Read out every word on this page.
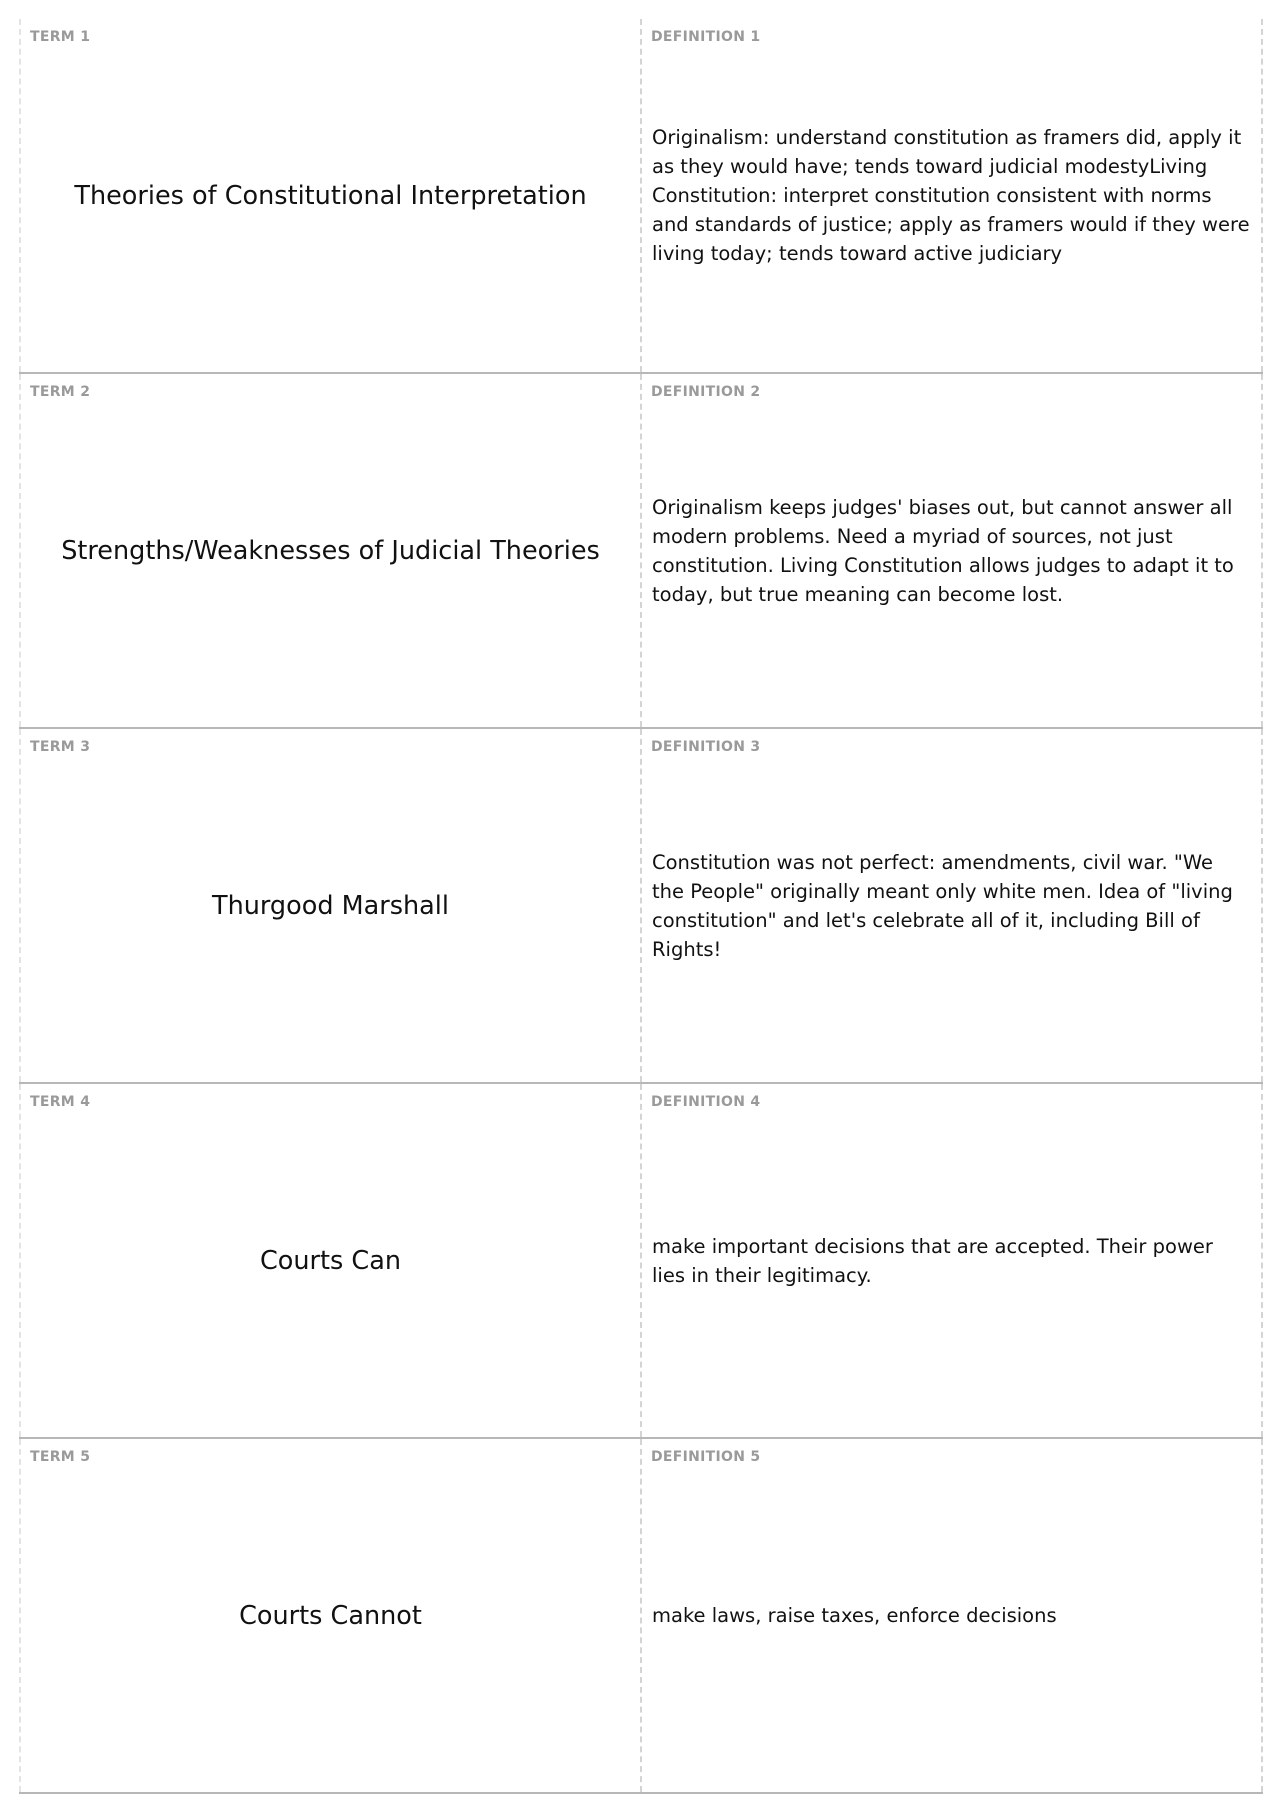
TERM 1
Theories of Constitutional Interpretation
DEFINITION 1
Originalism: understand constitution as framers did, apply it as they would have; tends toward judicial modestyLiving Constitution: interpret constitution consistent with norms and standards of justice; apply as framers would if they were living today; tends toward active judiciary
TERM 2
Strengths/Weaknesses of Judicial Theories
DEFINITION 2
Originalism keeps judges' biases out, but cannot answer all modern problems. Need a myriad of sources, not just constitution. Living Constitution allows judges to adapt it to today, but true meaning can become lost.
TERM 3
Thurgood Marshall
DEFINITION 3
Constitution was not perfect: amendments, civil war. "We the People" originally meant only white men. Idea of "living constitution" and let's celebrate all of it, including Bill of Rights!
TERM 4
Courts Can
DEFINITION 4
make important decisions that are accepted. Their power lies in their legitimacy.
TERM 5
Courts Cannot
DEFINITION 5
make laws, raise taxes, enforce decisions
